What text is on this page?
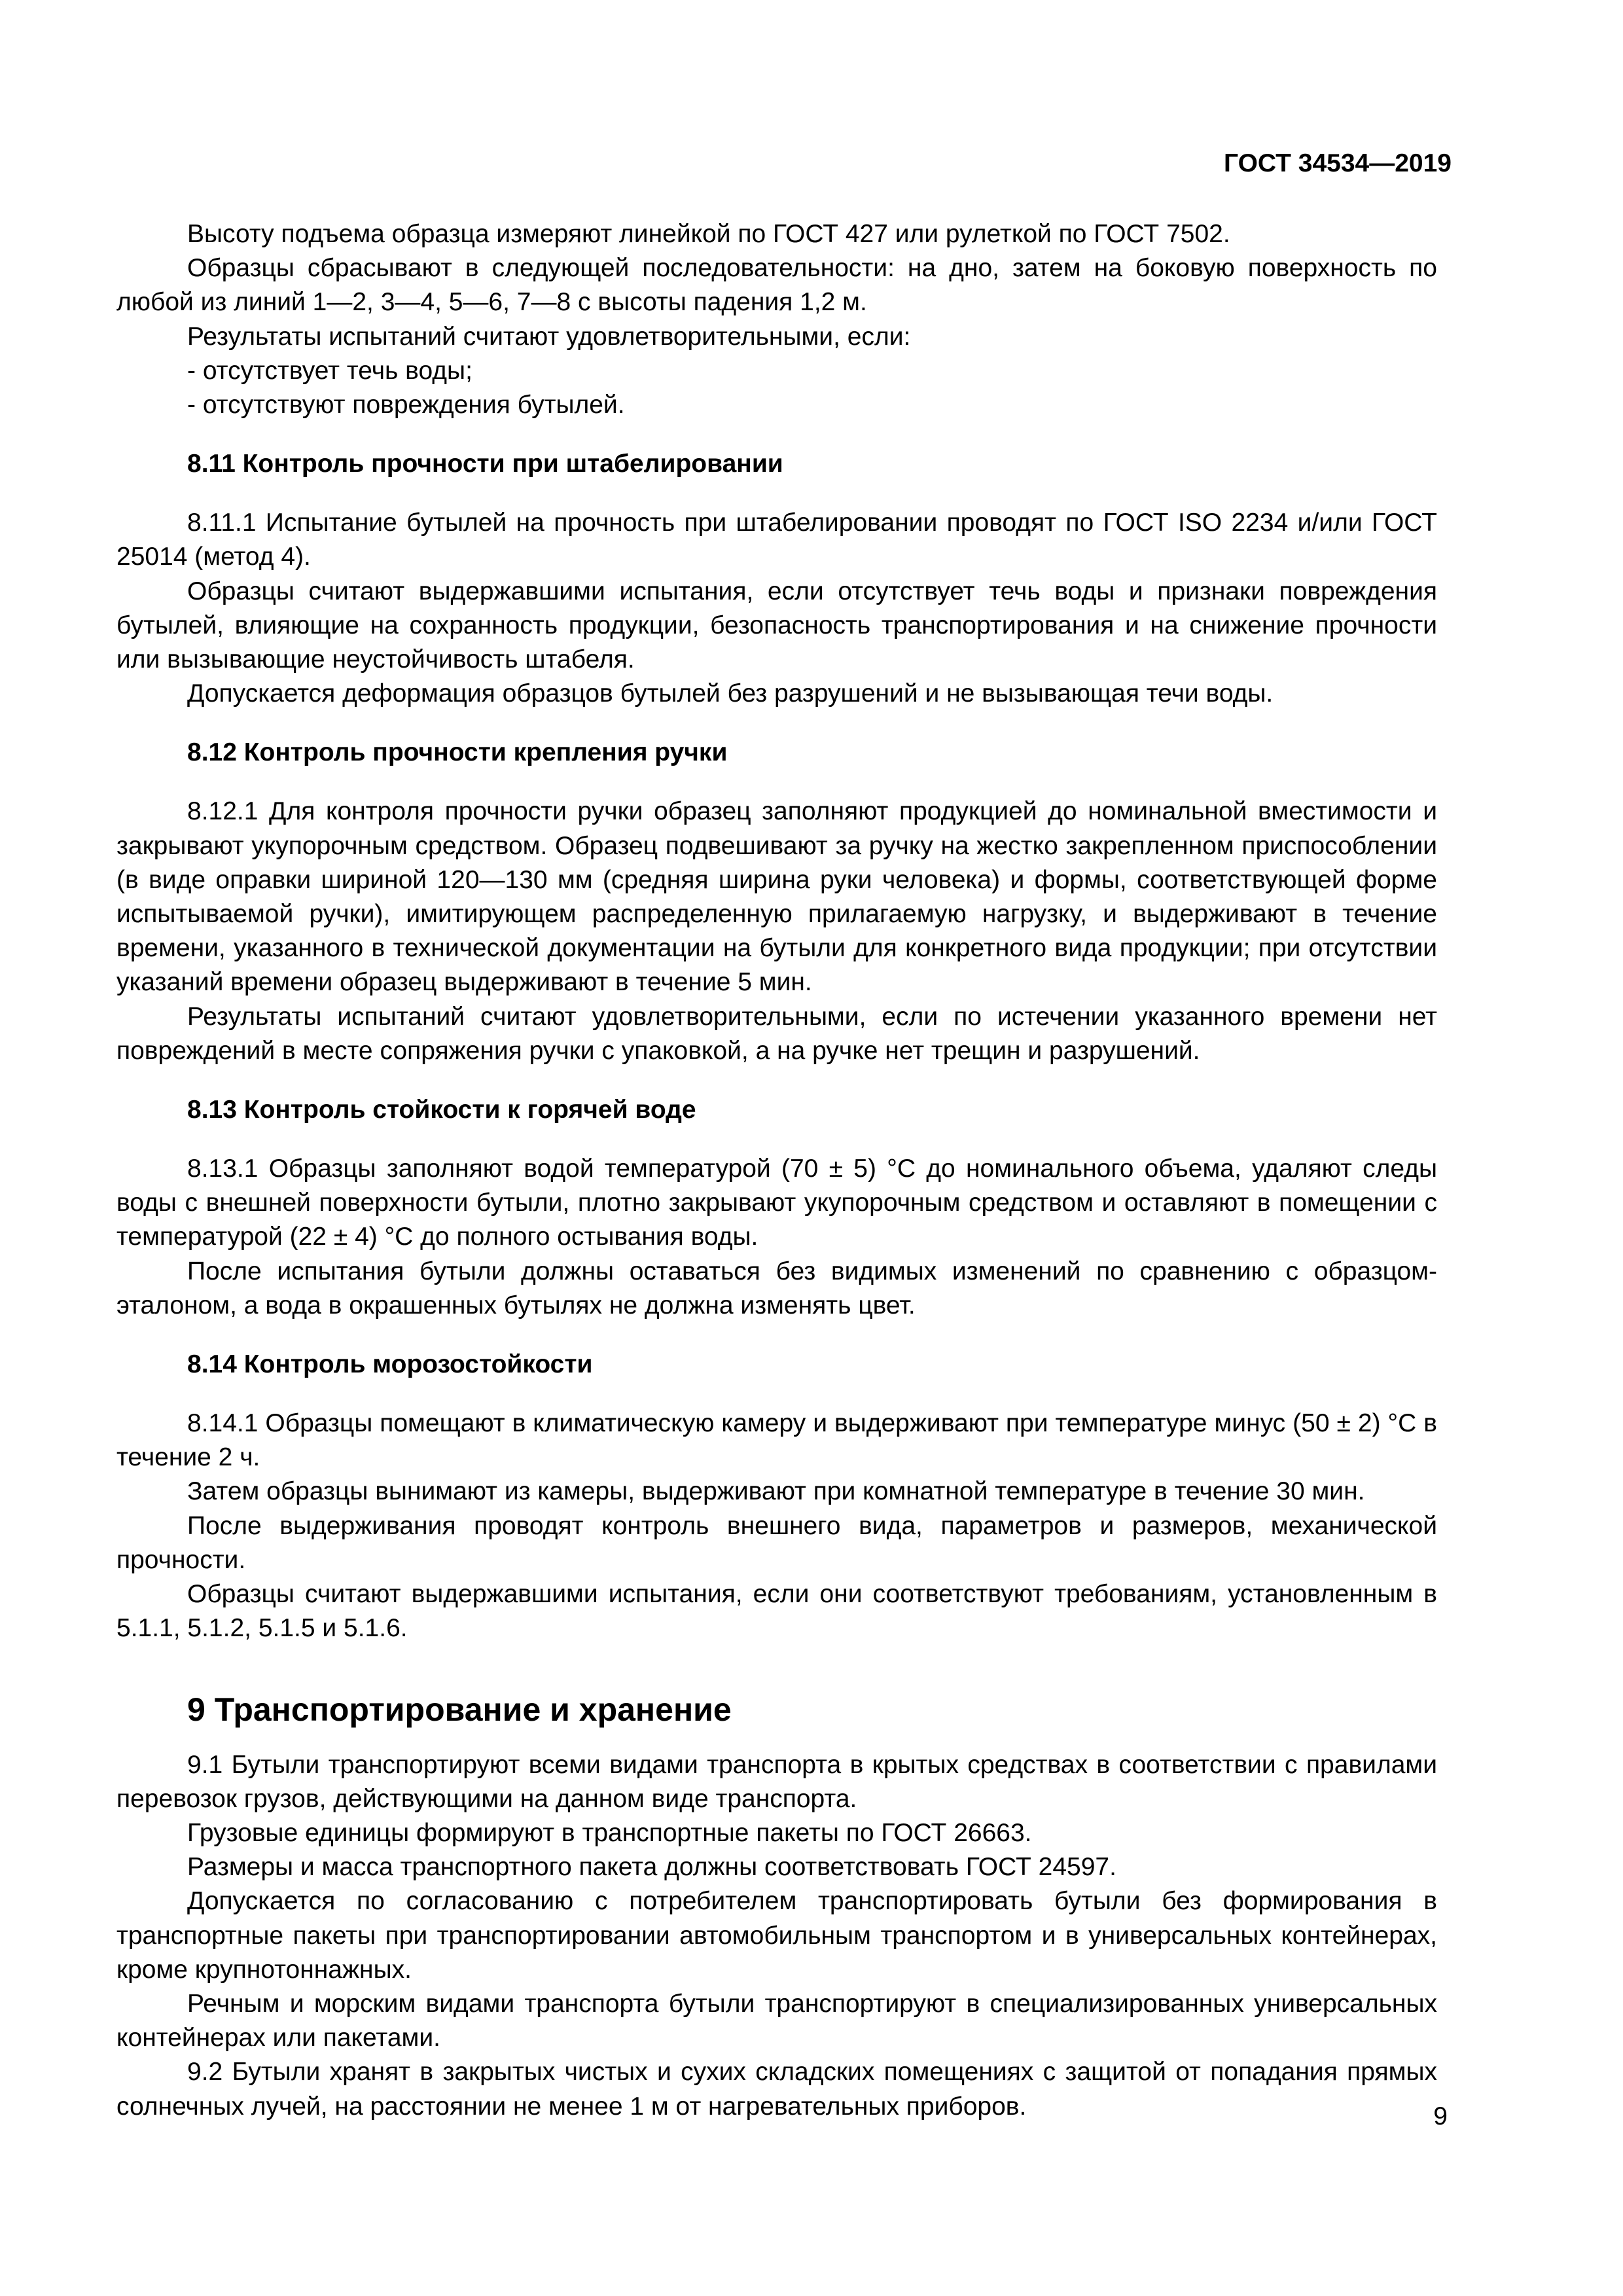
ГОСТ 34534—2019

Высоту подъема образца измеряют линейкой по ГОСТ 427 или рулеткой по ГОСТ 7502.

Образцы сбрасывают в следующей последовательности: на дно, затем на боковую поверхность по любой из линий 1—2, 3—4, 5—6, 7—8 с высоты падения 1,2 м.

Результаты испытаний считают удовлетворительными, если:

- отсутствует течь воды;

- отсутствуют повреждения бутылей.

8.11 Контроль прочности при штабелировании

8.11.1 Испытание бутылей на прочность при штабелировании проводят по ГОСТ ISO 2234 и/или ГОСТ 25014 (метод 4).

Образцы считают выдержавшими испытания, если отсутствует течь воды и признаки повреждения бутылей, влияющие на сохранность продукции, безопасность транспортирования и на снижение прочности или вызывающие неустойчивость штабеля.

Допускается деформация образцов бутылей без разрушений и не вызывающая течи воды.

8.12 Контроль прочности крепления ручки

8.12.1 Для контроля прочности ручки образец заполняют продукцией до номинальной вместимости и закрывают укупорочным средством. Образец подвешивают за ручку на жестко закрепленном приспособлении (в виде оправки шириной 120—130 мм (средняя ширина руки человека) и формы, соответствующей форме испытываемой ручки), имитирующем распределенную прилагаемую нагрузку, и выдерживают в течение времени, указанного в технической документации на бутыли для конкретного вида продукции; при отсутствии указаний времени образец выдерживают в течение 5 мин.

Результаты испытаний считают удовлетворительными, если по истечении указанного времени нет повреждений в месте сопряжения ручки с упаковкой, а на ручке нет трещин и разрушений.

8.13 Контроль стойкости к горячей воде

8.13.1 Образцы заполняют водой температурой (70 ± 5) °С до номинального объема, удаляют следы воды с внешней поверхности бутыли, плотно закрывают укупорочным средством и оставляют в помещении с температурой (22 ± 4) °С до полного остывания воды.

После испытания бутыли должны оставаться без видимых изменений по сравнению с образцом-эталоном, а вода в окрашенных бутылях не должна изменять цвет.

8.14 Контроль морозостойкости

8.14.1 Образцы помещают в климатическую камеру и выдерживают при температуре минус (50 ± 2) °С в течение 2 ч.

Затем образцы вынимают из камеры, выдерживают при комнатной температуре в течение 30 мин.

После выдерживания проводят контроль внешнего вида, параметров и размеров, механической прочности.

Образцы считают выдержавшими испытания, если они соответствуют требованиям, установленным в 5.1.1, 5.1.2, 5.1.5 и 5.1.6.

9 Транспортирование и хранение

9.1 Бутыли транспортируют всеми видами транспорта в крытых средствах в соответствии с правилами перевозок грузов, действующими на данном виде транспорта.

Грузовые единицы формируют в транспортные пакеты по ГОСТ 26663.

Размеры и масса транспортного пакета должны соответствовать ГОСТ 24597.

Допускается по согласованию с потребителем транспортировать бутыли без формирования в транспортные пакеты при транспортировании автомобильным транспортом и в универсальных контейнерах, кроме крупнотоннажных.

Речным и морским видами транспорта бутыли транспортируют в специализированных универсальных контейнерах или пакетами.

9.2 Бутыли хранят в закрытых чистых и сухих складских помещениях с защитой от попадания прямых солнечных лучей, на расстоянии не менее 1 м от нагревательных приборов.	9
